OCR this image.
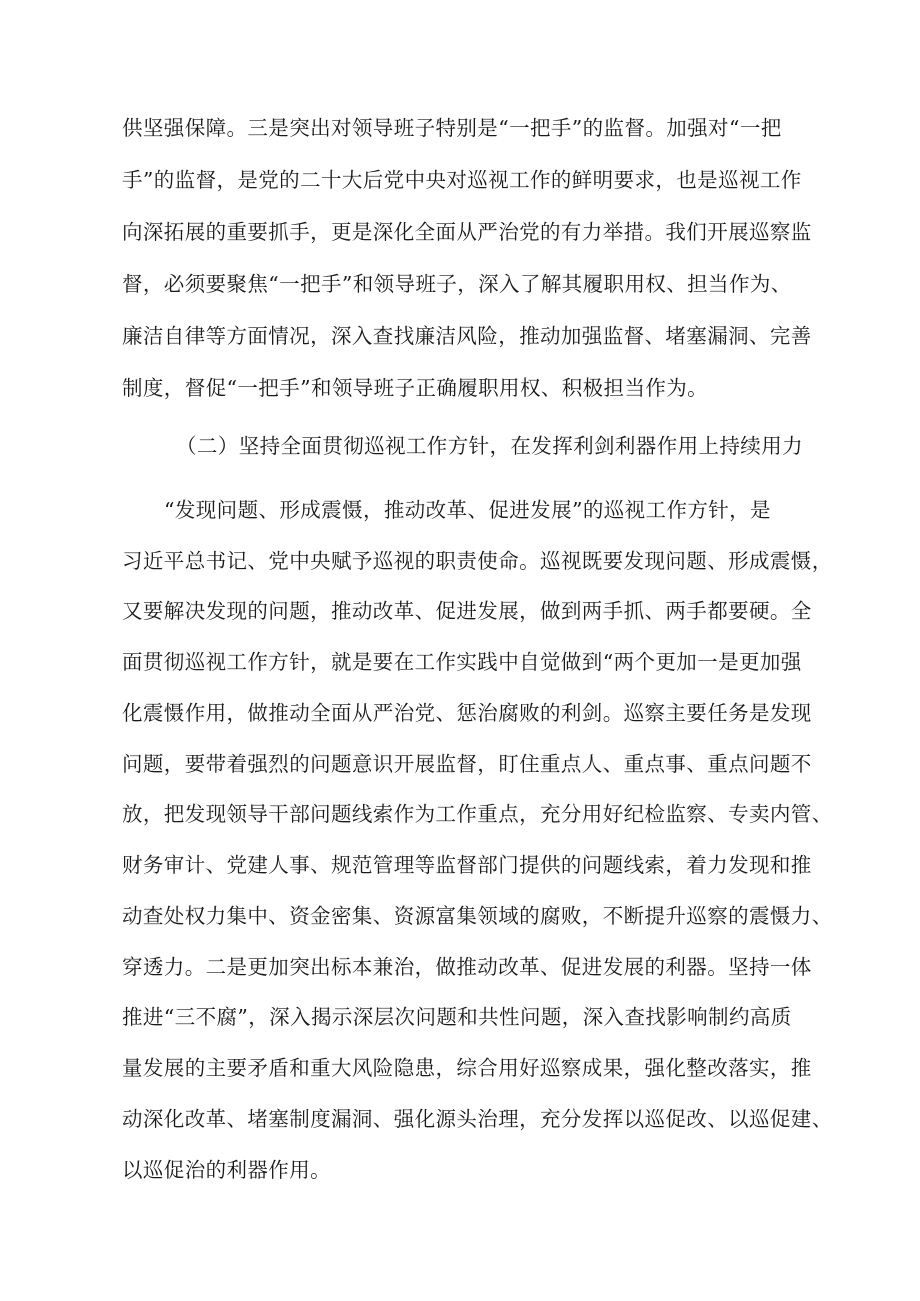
供坚强保障。三是突出对领导班子特别是“一把手”的监督。加强对“一把
手”的监督，是党的二十大后党中央对巡视工作的鲜明要求，也是巡视工作
向深拓展的重要抓手，更是深化全面从严治党的有力举措。我们开展巡察监
督，必须要聚焦“一把手”和领导班子，深入了解其履职用权、担当作为、
廉洁自律等方面情况，深入查找廉洁风险，推动加强监督、堵塞漏洞、完善
制度，督促“一把手”和领导班子正确履职用权、积极担当作为。
（二）坚持全面贯彻巡视工作方针，在发挥利剑利器作用上持续用力
“发现问题、形成震慑，推动改革、促进发展”的巡视工作方针，是
习近平总书记、党中央赋予巡视的职责使命。巡视既要发现问题、形成震慑，
又要解决发现的问题，推动改革、促进发展，做到两手抓、两手都要硬。全
面贯彻巡视工作方针，就是要在工作实践中自觉做到“两个更加一是更加强
化震慑作用，做推动全面从严治党、惩治腐败的利剑。巡察主要任务是发现
问题，要带着强烈的问题意识开展监督，盯住重点人、重点事、重点问题不
放，把发现领导干部问题线索作为工作重点，充分用好纪检监察、专卖内管、
财务审计、党建人事、规范管理等监督部门提供的问题线索，着力发现和推
动查处权力集中、资金密集、资源富集领域的腐败，不断提升巡察的震慑力、
穿透力。二是更加突出标本兼治，做推动改革、促进发展的利器。坚持一体
推进“三不腐”，深入揭示深层次问题和共性问题，深入查找影响制约高质
量发展的主要矛盾和重大风险隐患，综合用好巡察成果，强化整改落实，推
动深化改革、堵塞制度漏洞、强化源头治理，充分发挥以巡促改、以巡促建、
以巡促治的利器作用。
